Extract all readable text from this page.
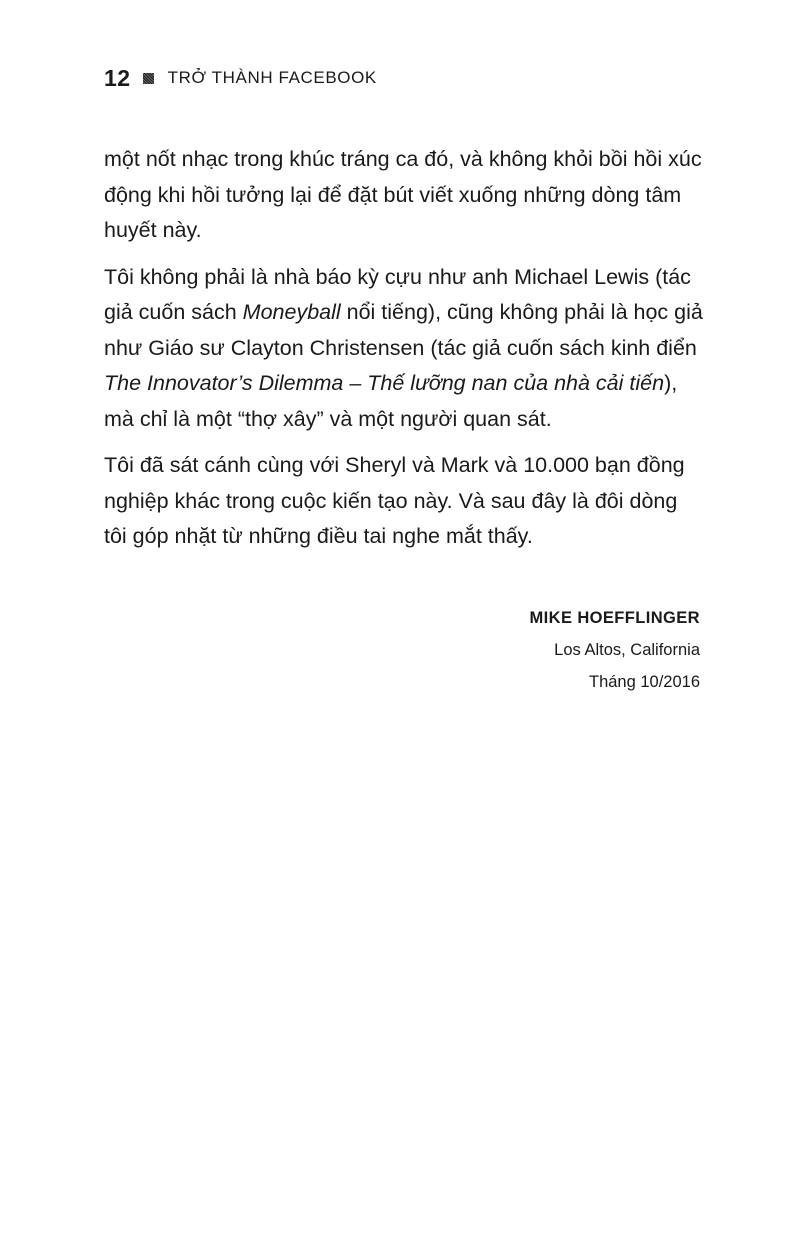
12 TRỞ THÀNH FACEBOOK

một nốt nhạc trong khúc tráng ca đó, và không khỏi bồi hồi xúc động khi hồi tưởng lại để đặt bút viết xuống những dòng tâm huyết này.

Tôi không phải là nhà báo kỳ cựu như anh Michael Lewis (tác giả cuốn sách Moneyball nổi tiếng), cũng không phải là học giả như Giáo sư Clayton Christensen (tác giả cuốn sách kinh điển The Innovator’s Dilemma – Thế lưỡng nan của nhà cải tiến), mà chỉ là một “thợ xây” và một người quan sát.

Tôi đã sát cánh cùng với Sheryl và Mark và 10.000 bạn đồng nghiệp khác trong cuộc kiến tạo này. Và sau đây là đôi dòng tôi góp nhặt từ những điều tai nghe mắt thấy.

MIKE HOEFFLINGER
Los Altos, California
Tháng 10/2016
